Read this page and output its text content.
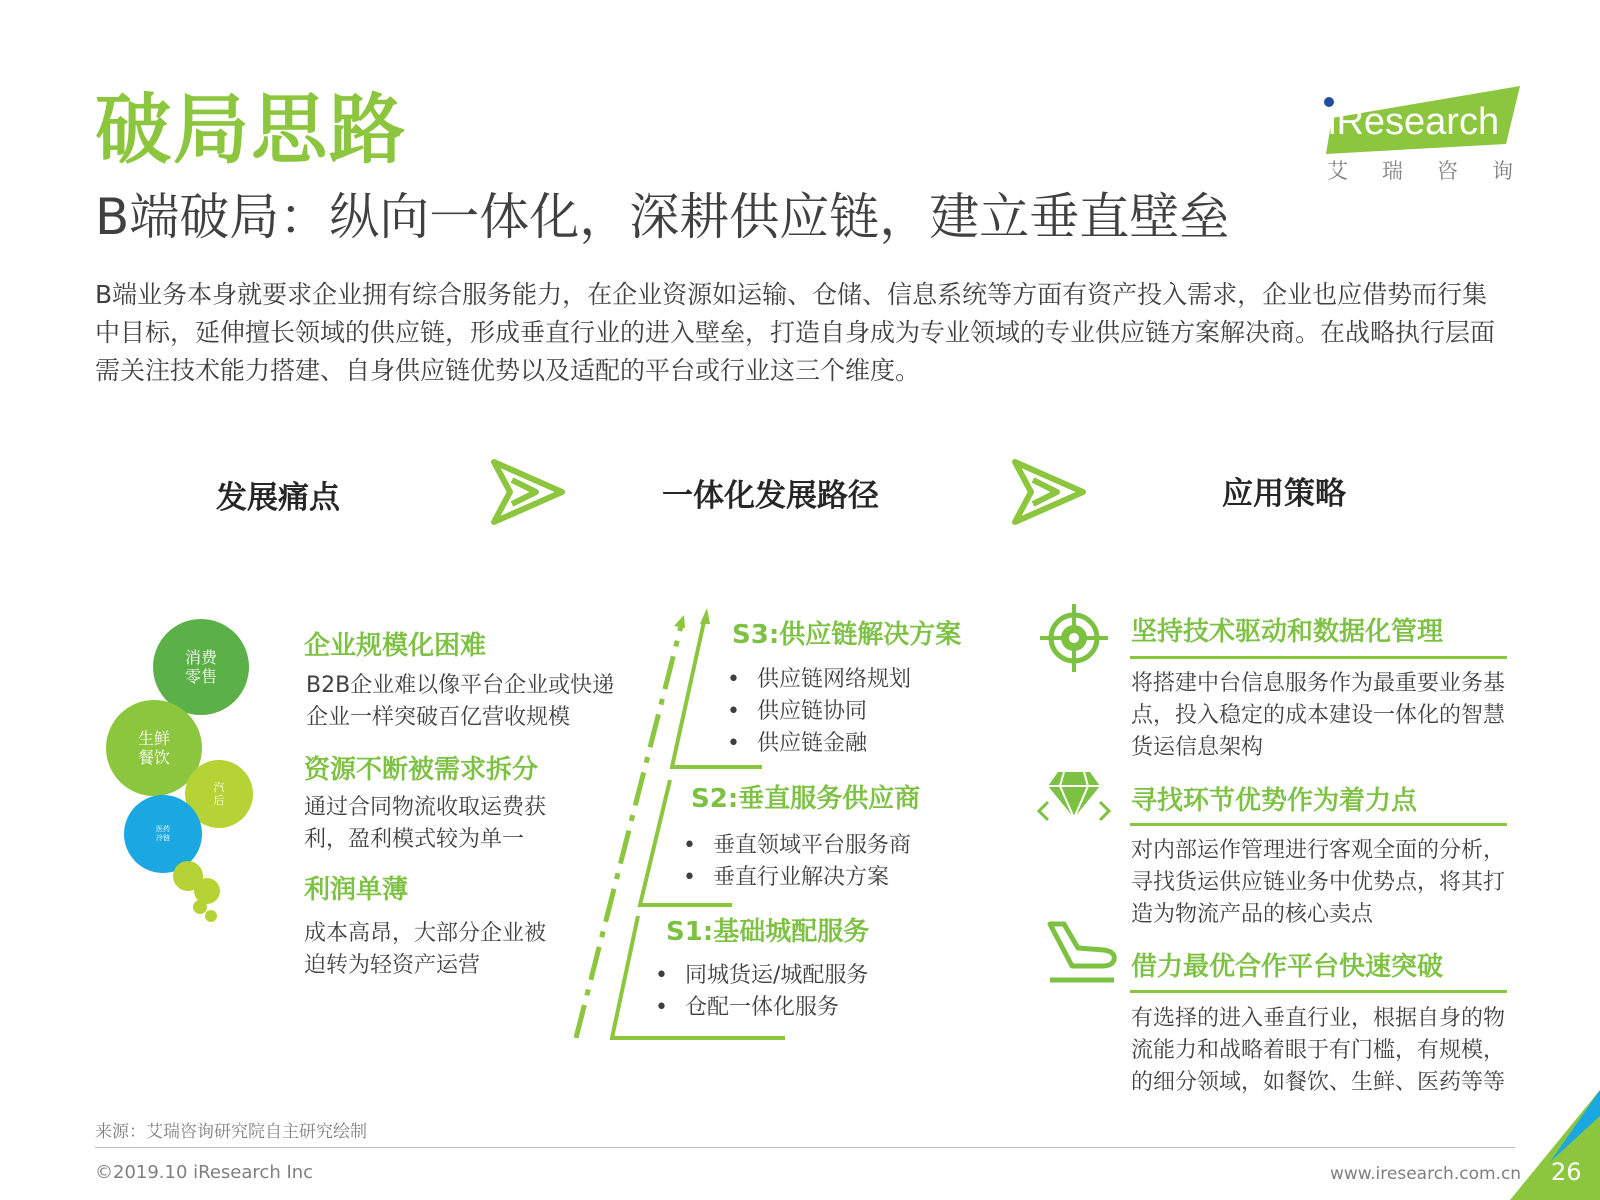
破局思路
B端破局：纵向一体化，深耕供应链，建立垂直壁垒
B端业务本身就要求企业拥有综合服务能力，在企业资源如运输、仓储、信息系统等方面有资产投入需求，企业也应借势而行集中目标，延伸擅长领域的供应链，形成垂直行业的进入壁垒，打造自身成为专业领域的专业供应链方案解决商。在战略执行层面需关注技术能力搭建、自身供应链优势以及适配的平台或行业这三个维度。
iResearch
艾瑞咨询
发展痛点	一体化发展路径	应用策略
消费零售
生鲜餐饮
汽后
医药冷链
企业规模化困难
B2B企业难以像平台企业或快递企业一样突破百亿营收规模
资源不断被需求拆分
通过合同物流收取运费获利，盈利模式较为单一
利润单薄
成本高昂，大部分企业被迫转为轻资产运营
S3:供应链解决方案
• 供应链网络规划
• 供应链协同
• 供应链金融
S2:垂直服务供应商
• 垂直领域平台服务商
• 垂直行业解决方案
S1:基础城配服务
• 同城货运/城配服务
• 仓配一体化服务
坚持技术驱动和数据化管理
将搭建中台信息服务作为最重要业务基点，投入稳定的成本建设一体化的智慧货运信息架构
寻找环节优势作为着力点
对内部运作管理进行客观全面的分析，寻找货运供应链业务中优势点，将其打造为物流产品的核心卖点
借力最优合作平台快速突破
有选择的进入垂直行业，根据自身的物流能力和战略着眼于有门槛，有规模，的细分领域，如餐饮、生鲜、医药等等
来源：艾瑞咨询研究院自主研究绘制
©2019.10 iResearch Inc	www.iresearch.com.cn 26
